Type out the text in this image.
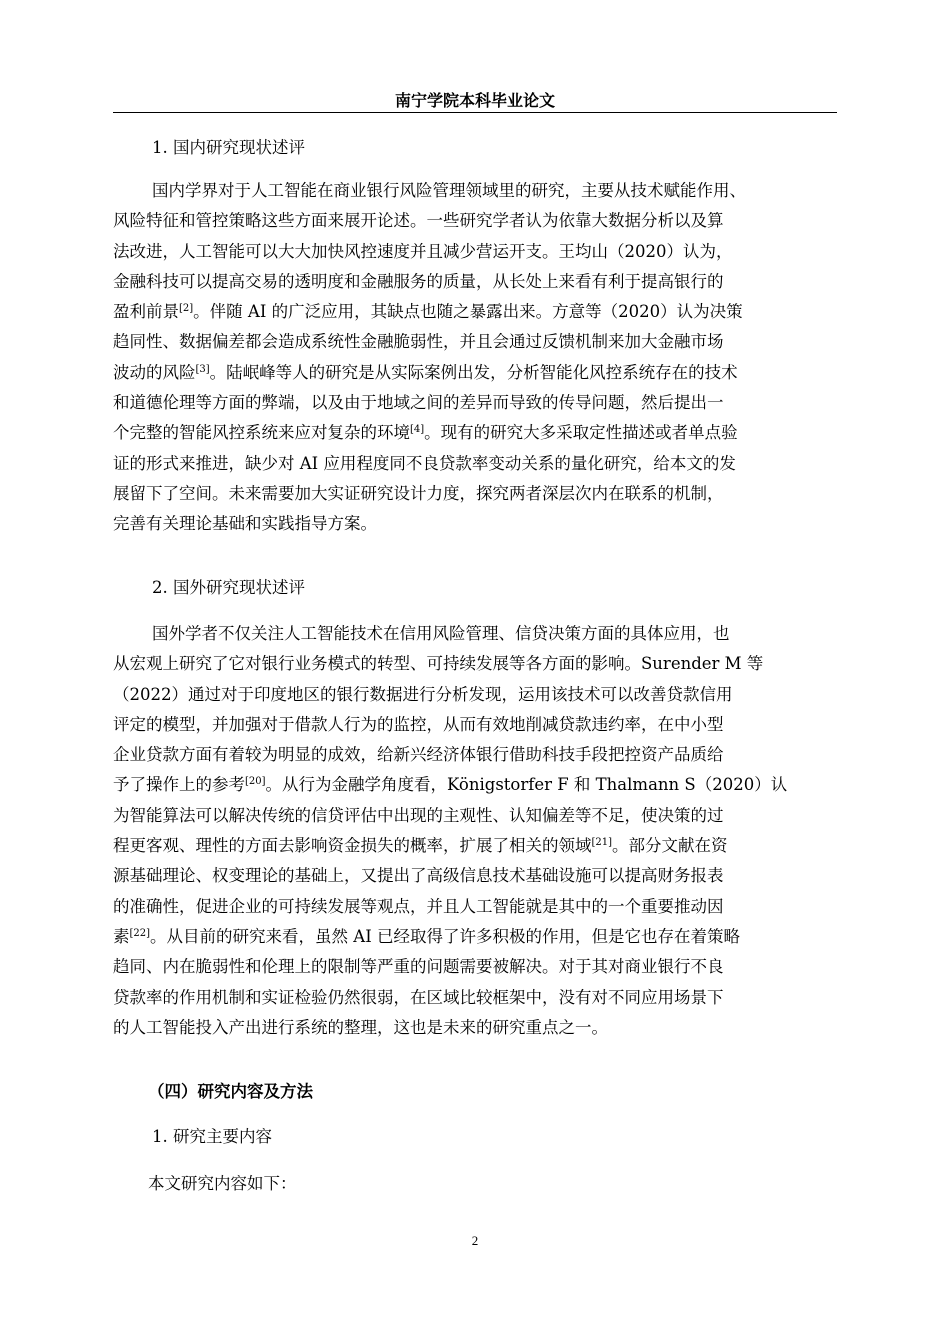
南宁学院本科毕业论文
1. 国内研究现状述评
国内学界对于人工智能在商业银行风险管理领域里的研究，主要从技术赋能作用、
风险特征和管控策略这些方面来展开论述。一些研究学者认为依靠大数据分析以及算
法改进，人工智能可以大大加快风控速度并且减少营运开支。王均山（2020）认为，
金融科技可以提高交易的透明度和金融服务的质量，从长处上来看有利于提高银行的
盈利前景[2]。伴随 AI 的广泛应用，其缺点也随之暴露出来。方意等（2020）认为决策
趋同性、数据偏差都会造成系统性金融脆弱性，并且会通过反馈机制来加大金融市场
波动的风险[3]。陆岷峰等人的研究是从实际案例出发，分析智能化风控系统存在的技术
和道德伦理等方面的弊端，以及由于地域之间的差异而导致的传导问题，然后提出一
个完整的智能风控系统来应对复杂的环境[4]。现有的研究大多采取定性描述或者单点验
证的形式来推进，缺少对 AI 应用程度同不良贷款率变动关系的量化研究，给本文的发
展留下了空间。未来需要加大实证研究设计力度，探究两者深层次内在联系的机制，
完善有关理论基础和实践指导方案。
2. 国外研究现状述评
国外学者不仅关注人工智能技术在信用风险管理、信贷决策方面的具体应用，也
从宏观上研究了它对银行业务模式的转型、可持续发展等各方面的影响。Surender M 等
（2022）通过对于印度地区的银行数据进行分析发现，运用该技术可以改善贷款信用
评定的模型，并加强对于借款人行为的监控，从而有效地削减贷款违约率，在中小型
企业贷款方面有着较为明显的成效，给新兴经济体银行借助科技手段把控资产品质给
予了操作上的参考[20]。从行为金融学角度看，Königstorfer F 和 Thalmann S（2020）认
为智能算法可以解决传统的信贷评估中出现的主观性、认知偏差等不足，使决策的过
程更客观、理性的方面去影响资金损失的概率，扩展了相关的领域[21]。部分文献在资
源基础理论、权变理论的基础上，又提出了高级信息技术基础设施可以提高财务报表
的准确性，促进企业的可持续发展等观点，并且人工智能就是其中的一个重要推动因
素[22]。从目前的研究来看，虽然 AI 已经取得了许多积极的作用，但是它也存在着策略
趋同、内在脆弱性和伦理上的限制等严重的问题需要被解决。对于其对商业银行不良
贷款率的作用机制和实证检验仍然很弱，在区域比较框架中，没有对不同应用场景下
的人工智能投入产出进行系统的整理，这也是未来的研究重点之一。
（四）研究内容及方法
1. 研究主要内容
本文研究内容如下：
2
